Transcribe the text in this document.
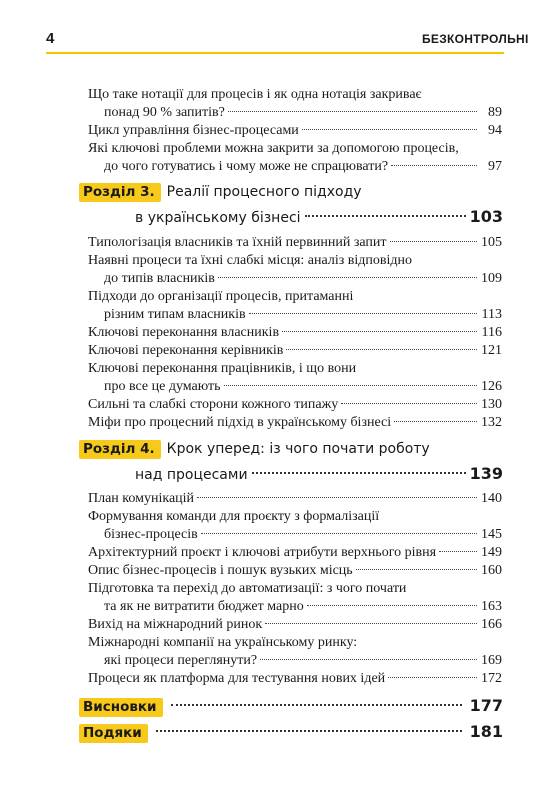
4	БЕЗКОНТРОЛЬНІ
Що таке нотації для процесів і як одна нотація закриває
понад 90 % запитів?	89
Цикл управління бізнес-процесами	94
Які ключові проблеми можна закрити за допомогою процесів,
до чого готуватись і чому може не спрацювати?	97
Розділ 3. Реалії процесного підходу
в українському бізнесі	103
Типологізація власників та їхній первинний запит	105
Наявні процеси та їхні слабкі місця: аналіз відповідно
до типів власників	109
Підходи до організації процесів, притаманні
різним типам власників	113
Ключові переконання власників	116
Ключові переконання керівників	121
Ключові переконання працівників, і що вони
про все це думають	126
Сильні та слабкі сторони кожного типажу	130
Міфи про процесний підхід в українському бізнесі	132
Розділ 4. Крок уперед: із чого почати роботу
над процесами	139
План комунікацій	140
Формування команди для проєкту з формалізації
бізнес-процесів	145
Архітектурний проєкт і ключові атрибути верхнього рівня	149
Опис бізнес-процесів і пошук вузьких місць	160
Підготовка та перехід до автоматизації: з чого почати
та як не витратити бюджет марно	163
Вихід на міжнародний ринок	166
Міжнародні компанії на українському ринку:
які процеси переглянути?	169
Процеси як платформа для тестування нових ідей	172
Висновки	177
Подяки	181
